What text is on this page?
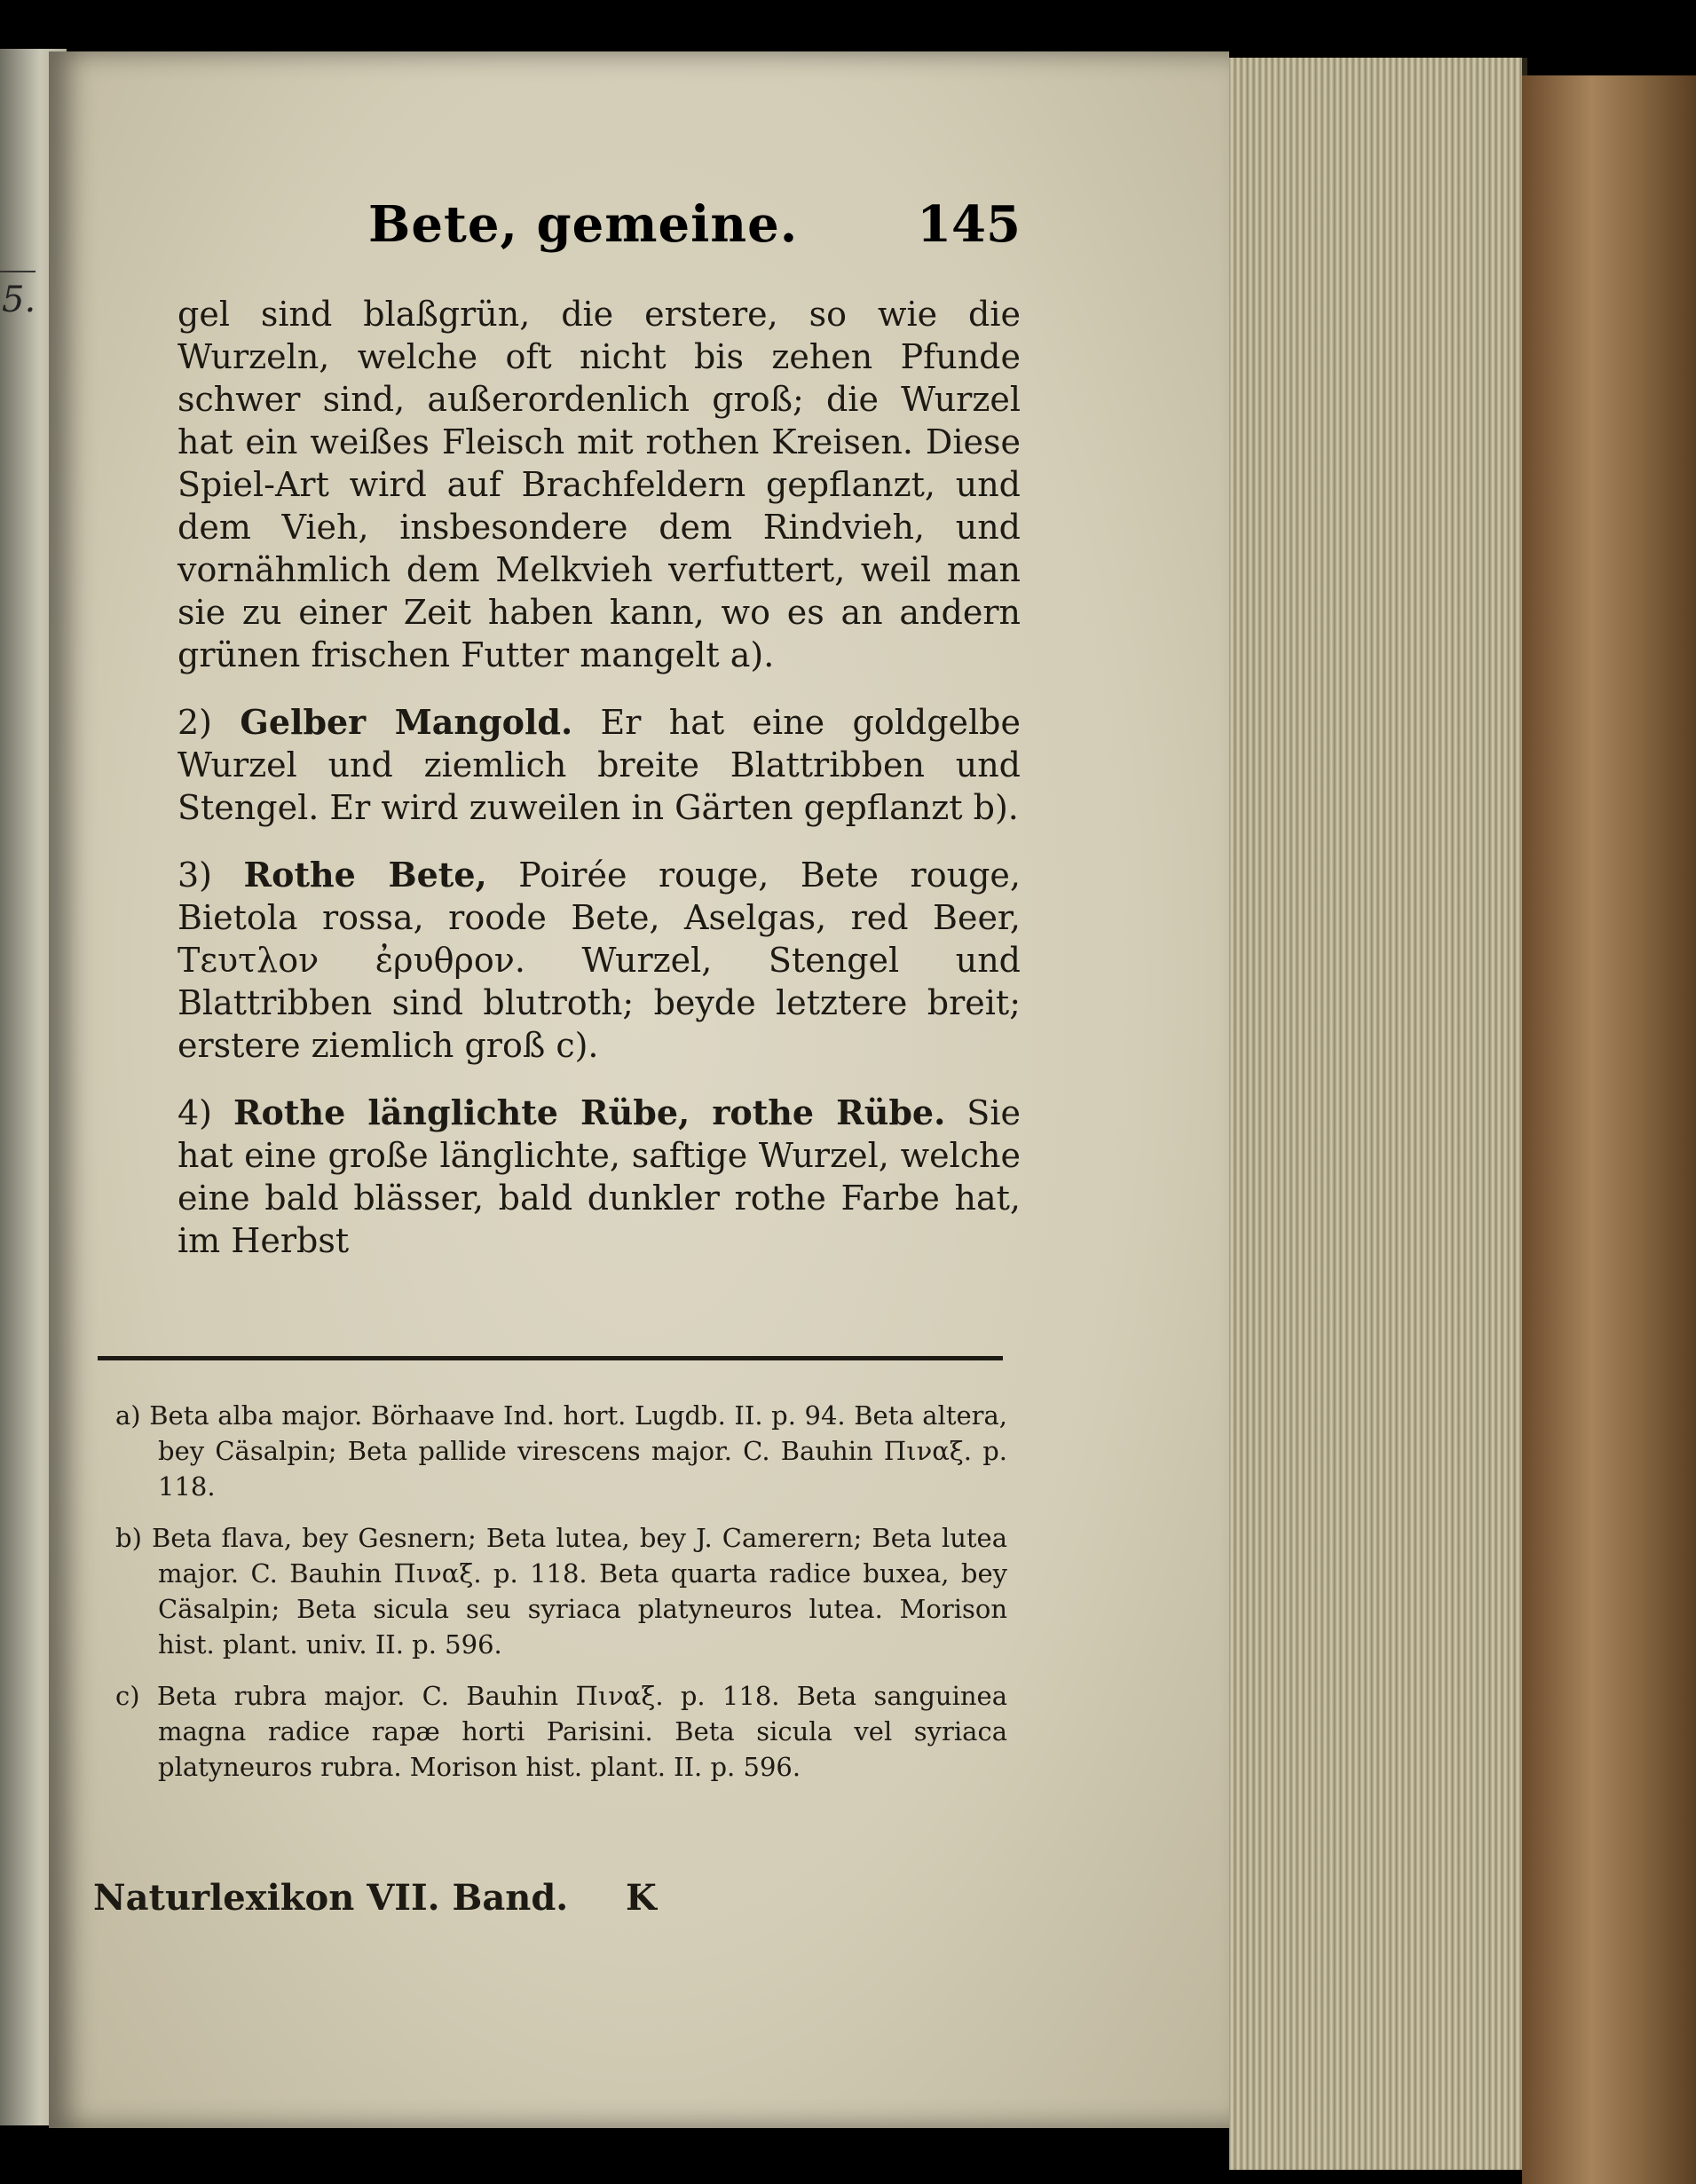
5.
Bete, gemeine. 145

gel sind blaßgrün, die erstere, so wie die Wurzeln, welche oft nicht bis zehen Pfunde schwer sind, außerordenlich groß; die Wurzel hat ein weißes Fleisch mit rothen Kreisen. Diese Spiel-Art wird auf Brachfeldern gepflanzt, und dem Vieh, insbesondere dem Rindvieh, und vornähmlich dem Melkvieh verfuttert, weil man sie zu einer Zeit haben kann, wo es an andern grünen frischen Futter mangelt a).

2) Gelber Mangold. Er hat eine goldgelbe Wurzel und ziemlich breite Blattribben und Stengel. Er wird zuweilen in Gärten gepflanzt b).

3) Rothe Bete, Poirée rouge, Bete rouge, Bietola rossa, roode Bete, Aselgas, red Beer, Τευτλον ἐρυθρον. Wurzel, Stengel und Blattribben sind blutroth; beyde letztere breit; erstere ziemlich groß c).

4) Rothe länglichte Rübe, rothe Rübe. Sie hat eine große länglichte, saftige Wurzel, welche eine bald blässer, bald dunkler rothe Farbe hat, im Herbst

a) Beta alba major. Börhaave Ind. hort. Lugdb. II. p. 94. Beta altera, bey Cäsalpin; Beta pallide virescens major. C. Bauhin Πιναξ. p. 118.

b) Beta flava, bey Gesnern; Beta lutea, bey J. Camerern; Beta lutea major. C. Bauhin Πιναξ. p. 118. Beta quarta radice buxea, bey Cäsalpin; Beta sicula seu syriaca platyneuros lutea. Morison hist. plant. univ. II. p. 596.

c) Beta rubra major. C. Bauhin Πιναξ. p. 118. Beta sanguinea magna radice rapæ horti Parisini. Beta sicula vel syriaca platyneuros rubra. Morison hist. plant. II. p. 596.

Naturlexikon VII. Band. K
